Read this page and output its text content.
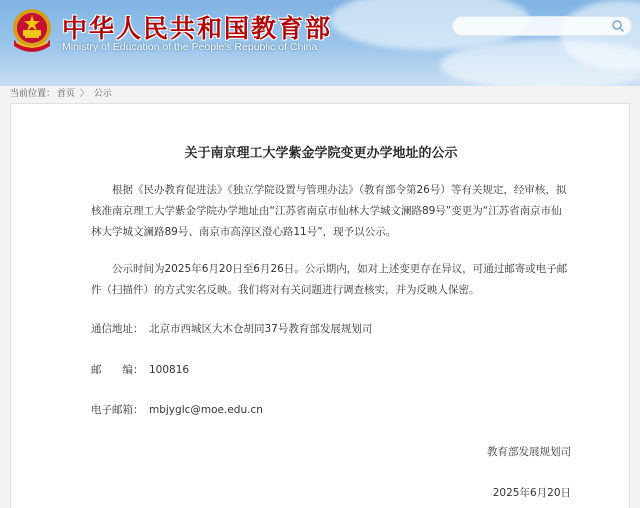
中华人民共和国教育部
Ministry of Education of the People's Republic of China
当前位置： 首页 〉 公示
关于南京理工大学紫金学院变更办学地址的公示

根据《民办教育促进法》《独立学院设置与管理办法》（教育部令第26号）等有关规定，经审核，拟核准南京理工大学紫金学院办学地址由“江苏省南京市仙林大学城文澜路89号”变更为“江苏省南京市仙林大学城文澜路89号、南京市高淳区澄心路11号”，现予以公示。

公示时间为2025年6月20日至6月26日。公示期内，如对上述变更存在异议，可通过邮寄或电子邮件（扫描件）的方式实名反映。我们将对有关问题进行调查核实，并为反映人保密。

通信地址： 北京市西城区大木仓胡同37号教育部发展规划司
邮　　编： 100816
电子邮箱： mbjyglc@moe.edu.cn
教育部发展规划司
2025年6月20日
